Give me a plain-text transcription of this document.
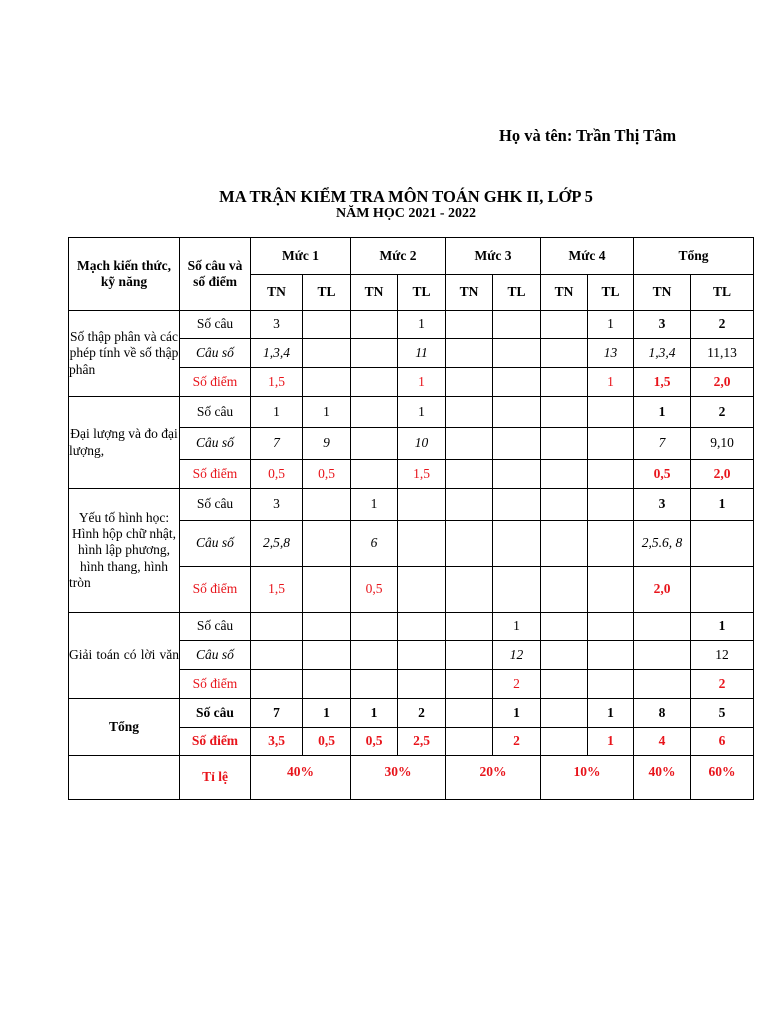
Họ và tên: Trần Thị Tâm
MA TRẬN KIỂM TRA MÔN TOÁN GHK II, LỚP 5
NĂM HỌC 2021 - 2022
Mạch kiến thức, kỹ năng	Số câu và số điểm	Mức 1		Mức 2		Mức 3		Mức 4		Tổng	
		TN	TL	TN	TL	TN	TL	TN	TL	TN	TL
Số thập phân và các phép tính về số thập phân	Số câu	3			1				1	3	2
	Câu số	1,3,4			11				13	1,3,4	11,13
	Số điểm	1,5			1				1	1,5	2,0
Đại lượng và đo đại lượng,	Số câu	1	1		1					1	2
	Câu số	7	9		10					7	9,10
	Số điểm	0,5	0,5		1,5					0,5	2,0
Yếu tố hình học: Hình hộp chữ nhật, hình lập phương, hình thang, hình tròn	Số câu	3		1						3	1
	Câu số	2,5,8		6						2,5.6, 8	
	Số điểm	1,5		0,5						2,0	
Giải toán có lời văn	Số câu						1				1
	Câu số						12				12
	Số điểm						2				2
Tổng	Số câu	7	1	1	2		1		1	8	5
	Số điểm	3,5	0,5	0,5	2,5		2		1	4	6
	Tỉ lệ	40%		30%		20%		10%		40%	60%
